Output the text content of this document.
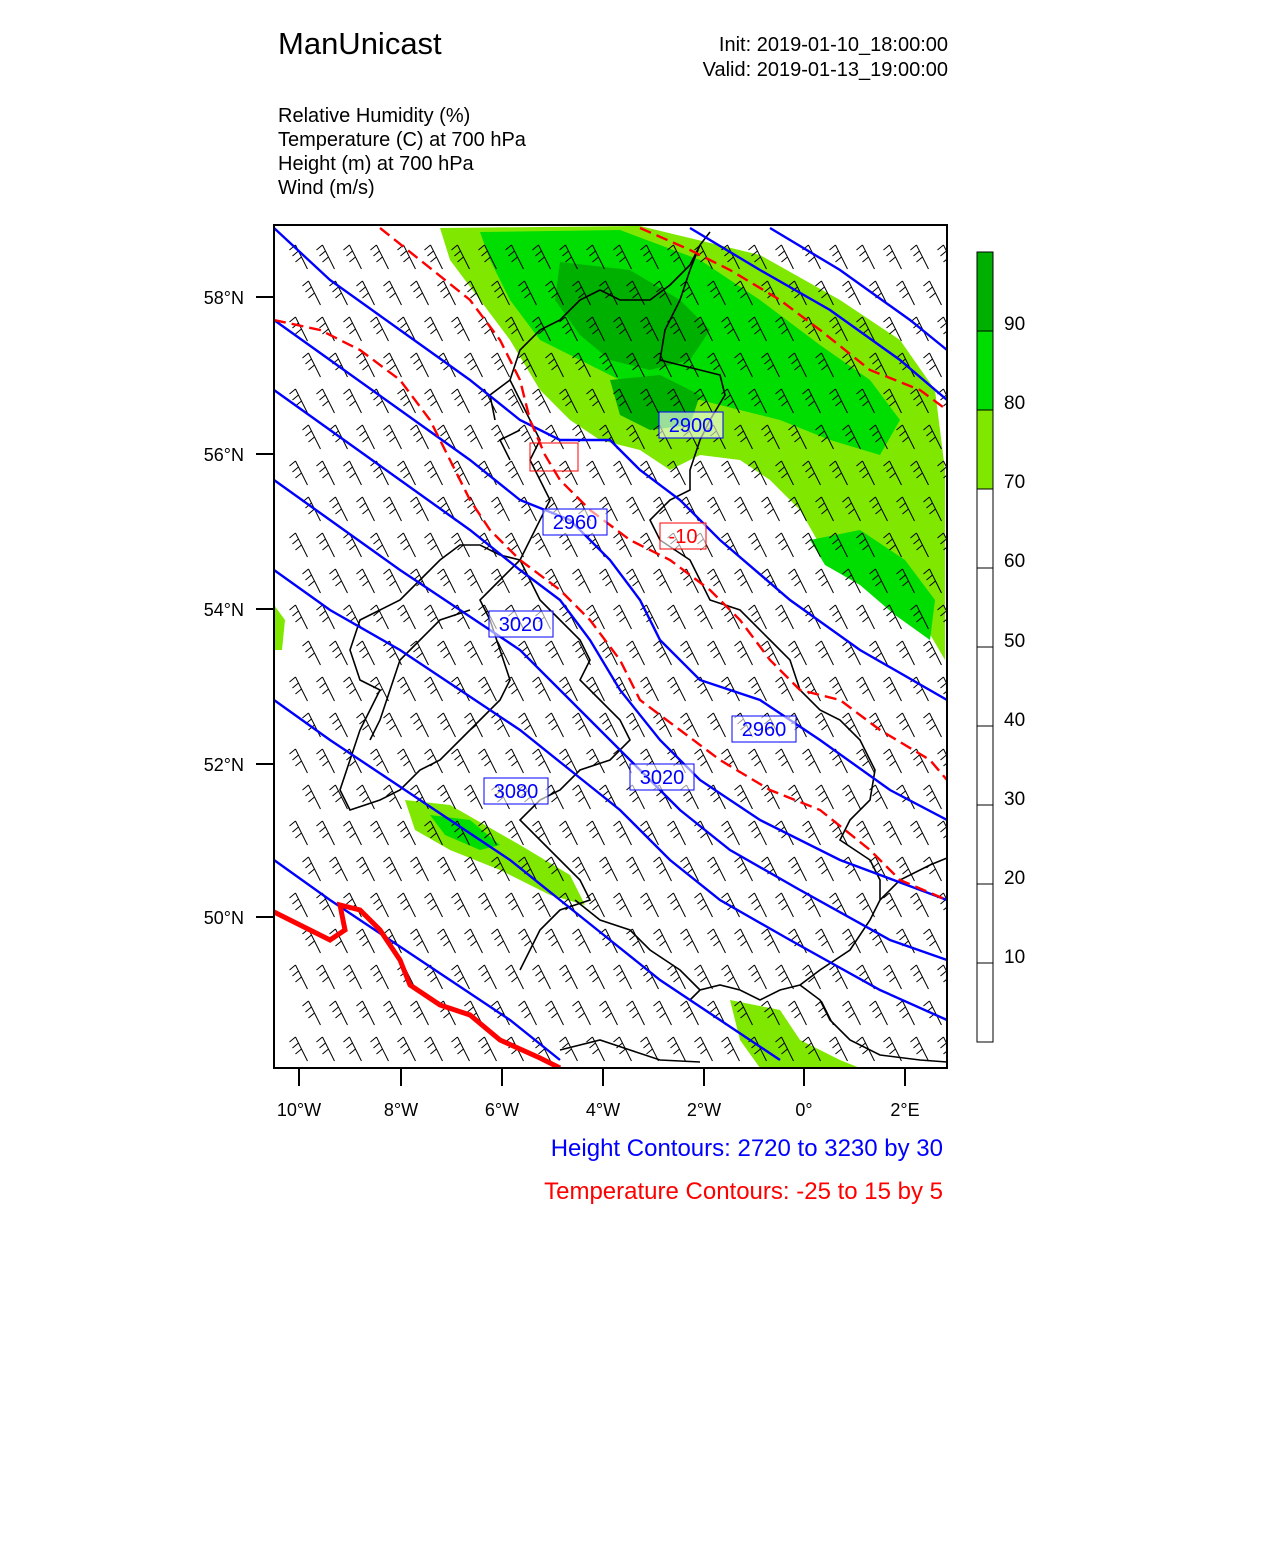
ManUnicast	Init: 2019-01-10_18:00:00
Valid: 2019-01-13_19:00:00
Relative Humidity (%)
Temperature (C) at 700 hPa
Height (m) at 700 hPa
Wind (m/s)
2900
2960
3020
2960
3020
3080
-10
58°N
56°N
54°N
52°N
50°N
10°W	8°W	6°W	4°W	2°W	0°	2°E
90
80
70
60
50
40
30
20
10
Height Contours: 2720 to 3230 by 30
Temperature Contours: -25 to 15 by 5
